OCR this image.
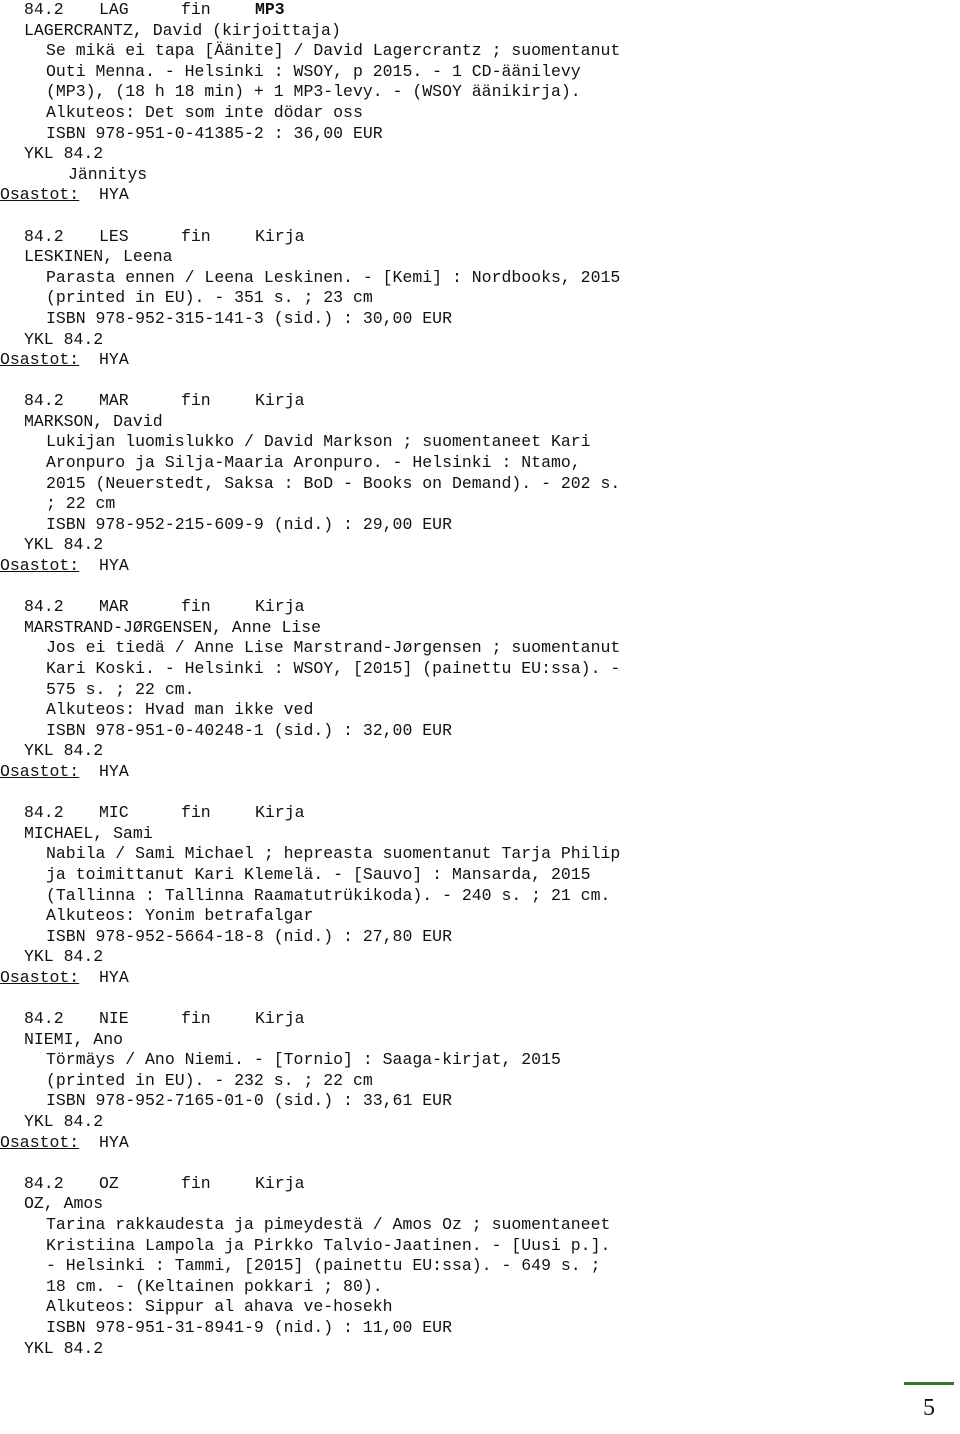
84.2 LAG	fin	MP3
LAGERCRANTZ, David (kirjoittaja)
Se mikä ei tapa [Äänite] / David Lagercrantz ; suomentanut
Outi Menna. - Helsinki : WSOY, p 2015. - 1 CD-äänilevy
(MP3), (18 h 18 min) + 1 MP3-levy. - (WSOY äänikirja).
Alkuteos: Det som inte dödar oss
ISBN 978-951-0-41385-2 : 36,00 EUR
YKL 84.2
Jännitys
Osastot: HYA
84.2 LES	fin	Kirja
LESKINEN, Leena
Parasta ennen / Leena Leskinen. - [Kemi] : Nordbooks, 2015
(printed in EU). - 351 s. ; 23 cm
ISBN 978-952-315-141-3 (sid.) : 30,00 EUR
YKL 84.2
Osastot: HYA
84.2 MAR	fin	Kirja
MARKSON, David
Lukijan luomislukko / David Markson ; suomentaneet Kari
Aronpuro ja Silja-Maaria Aronpuro. - Helsinki : Ntamo,
2015 (Neuerstedt, Saksa : BoD - Books on Demand). - 202 s.
; 22 cm
ISBN 978-952-215-609-9 (nid.) : 29,00 EUR
YKL 84.2
Osastot: HYA
84.2 MAR	fin	Kirja
MARSTRAND-JØRGENSEN, Anne Lise
Jos ei tiedä / Anne Lise Marstrand-Jørgensen ; suomentanut
Kari Koski. - Helsinki : WSOY, [2015] (painettu EU:ssa). -
575 s. ; 22 cm.
Alkuteos: Hvad man ikke ved
ISBN 978-951-0-40248-1 (sid.) : 32,00 EUR
YKL 84.2
Osastot: HYA
84.2 MIC	fin	Kirja
MICHAEL, Sami
Nabila / Sami Michael ; hepreasta suomentanut Tarja Philip
ja toimittanut Kari Klemelä. - [Sauvo] : Mansarda, 2015
(Tallinna : Tallinna Raamatutrükikoda). - 240 s. ; 21 cm.
Alkuteos: Yonim betrafalgar
ISBN 978-952-5664-18-8 (nid.) : 27,80 EUR
YKL 84.2
Osastot: HYA
84.2 NIE	fin	Kirja
NIEMI, Ano
Törmäys / Ano Niemi. - [Tornio] : Saaga-kirjat, 2015
(printed in EU). - 232 s. ; 22 cm
ISBN 978-952-7165-01-0 (sid.) : 33,61 EUR
YKL 84.2
Osastot: HYA
84.2 OZ	fin	Kirja
OZ, Amos
Tarina rakkaudesta ja pimeydestä / Amos Oz ; suomentaneet
Kristiina Lampola ja Pirkko Talvio-Jaatinen. - [Uusi p.].
- Helsinki : Tammi, [2015] (painettu EU:ssa). - 649 s. ;
18 cm. - (Keltainen pokkari ; 80).
Alkuteos: Sippur al ahava ve-hosekh
ISBN 978-951-31-8941-9 (nid.) : 11,00 EUR
YKL 84.2
5
